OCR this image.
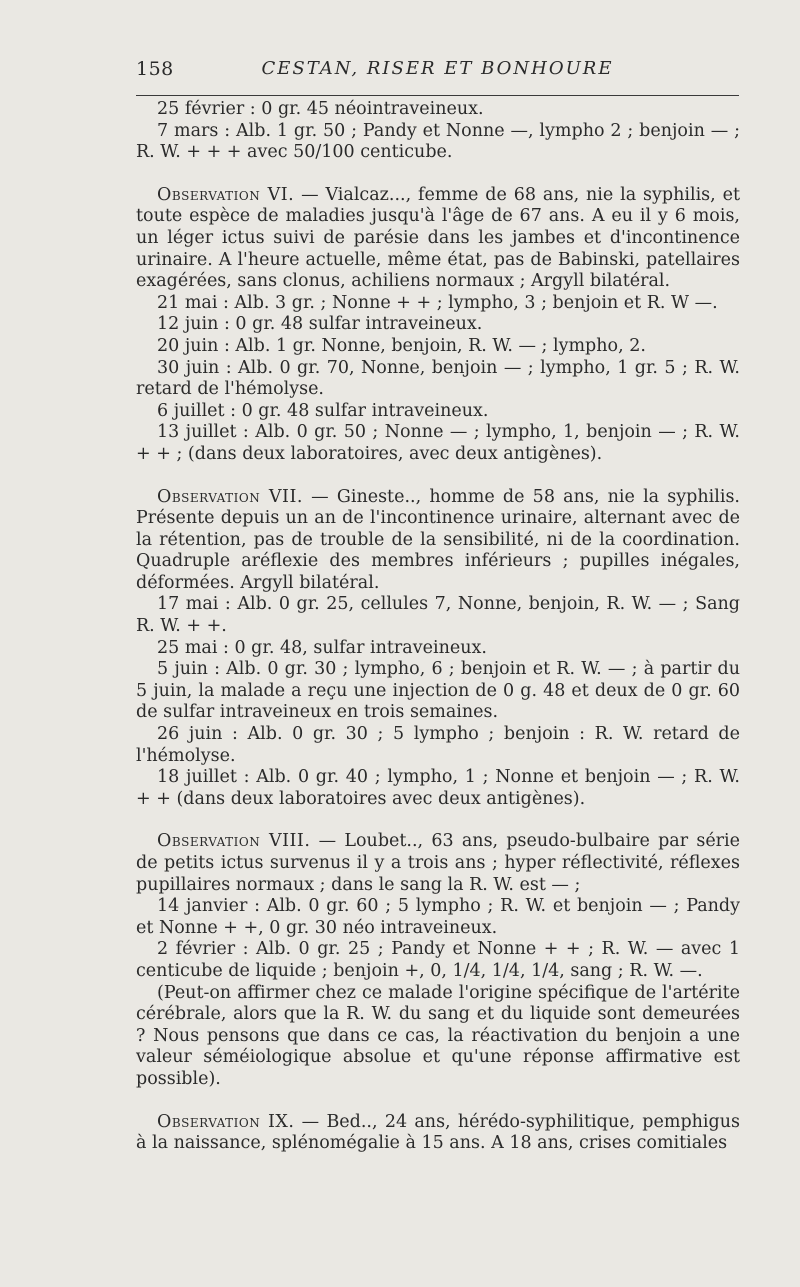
158	CESTAN, RISER ET BONHOURE

25 février : 0 gr. 45 néointraveineux.

7 mars : Alb. 1 gr. 50 ; Pandy et Nonne —, lympho 2 ; benjoin — ; R. W. + + + avec 50/100 centicube.

Observation VI. — Vialcaz..., femme de 68 ans, nie la syphilis, et toute espèce de maladies jusqu'à l'âge de 67 ans. A eu il y 6 mois, un léger ictus suivi de parésie dans les jambes et d'incontinence urinaire. A l'heure actuelle, même état, pas de Babinski, patellaires exagérées, sans clonus, achiliens normaux ; Argyll bilatéral.

21 mai : Alb. 3 gr. ; Nonne + + ; lympho, 3 ; benjoin et R. W —.

12 juin : 0 gr. 48 sulfar intraveineux.

20 juin : Alb. 1 gr. Nonne, benjoin, R. W. — ; lympho, 2.

30 juin : Alb. 0 gr. 70, Nonne, benjoin — ; lympho, 1 gr. 5 ; R. W. retard de l'hémolyse.

6 juillet : 0 gr. 48 sulfar intraveineux.

13 juillet : Alb. 0 gr. 50 ; Nonne — ; lympho, 1, benjoin — ; R. W. + + ; (dans deux laboratoires, avec deux antigènes).

Observation VII. — Gineste.., homme de 58 ans, nie la syphilis. Présente depuis un an de l'incontinence urinaire, alternant avec de la rétention, pas de trouble de la sensibilité, ni de la coordination. Quadruple aréflexie des membres inférieurs ; pupilles inégales, déformées. Argyll bilatéral.

17 mai : Alb. 0 gr. 25, cellules 7, Nonne, benjoin, R. W. — ; Sang R. W. + +.

25 mai : 0 gr. 48, sulfar intraveineux.

5 juin : Alb. 0 gr. 30 ; lympho, 6 ; benjoin et R. W. — ; à partir du 5 juin, la malade a reçu une injection de 0 g. 48 et deux de 0 gr. 60 de sulfar intraveineux en trois semaines.

26 juin : Alb. 0 gr. 30 ; 5 lympho ; benjoin : R. W. retard de l'hémolyse.

18 juillet : Alb. 0 gr. 40 ; lympho, 1 ; Nonne et benjoin — ; R. W. + + (dans deux laboratoires avec deux antigènes).

Observation VIII. — Loubet.., 63 ans, pseudo-bulbaire par série de petits ictus survenus il y a trois ans ; hyper réflectivité, réflexes pupillaires normaux ; dans le sang la R. W. est — ;

14 janvier : Alb. 0 gr. 60 ; 5 lympho ; R. W. et benjoin — ; Pandy et Nonne + +, 0 gr. 30 néo intraveineux.

2 février : Alb. 0 gr. 25 ; Pandy et Nonne + + ; R. W. — avec 1 centicube de liquide ; benjoin +, 0, 1/4, 1/4, 1/4, sang ; R. W. —.

(Peut-on affirmer chez ce malade l'origine spécifique de l'artérite cérébrale, alors que la R. W. du sang et du liquide sont demeurées ? Nous pensons que dans ce cas, la réactivation du benjoin a une valeur séméiologique absolue et qu'une réponse affirmative est possible).

Observation IX. — Bed.., 24 ans, hérédo-syphilitique, pemphigus à la naissance, splénomégalie à 15 ans. A 18 ans, crises comitiales
